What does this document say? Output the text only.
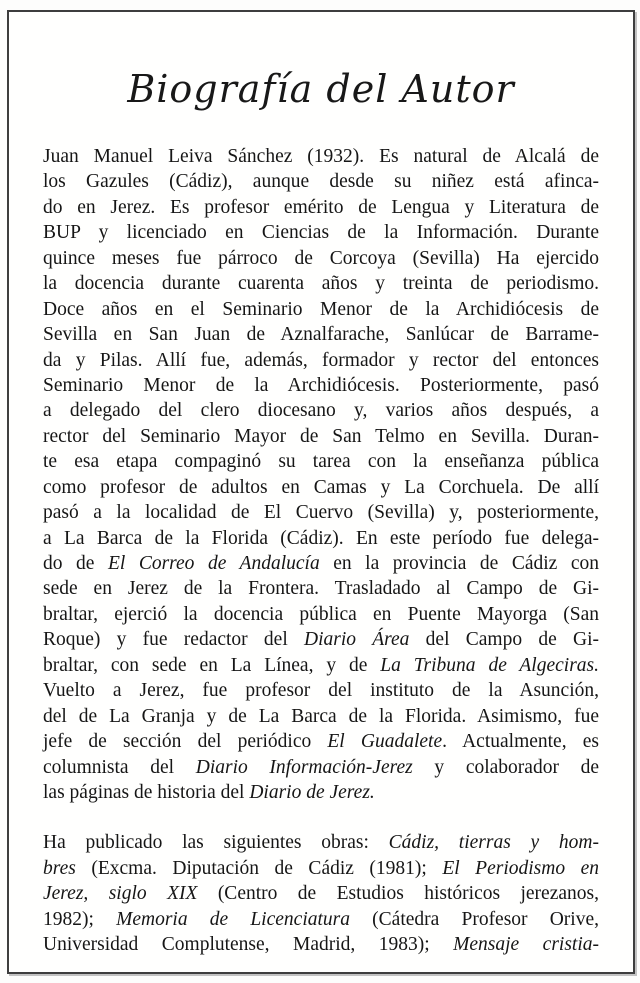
Biografía del Autor
Juan Manuel Leiva Sánchez (1932). Es natural de Alcalá de
los Gazules (Cádiz), aunque desde su niñez está afinca-
do en Jerez. Es profesor emérito de Lengua y Literatura de
BUP y licenciado en Ciencias de la Información. Durante
quince meses fue párroco de Corcoya (Sevilla) Ha ejercido
la docencia durante cuarenta años y treinta de periodismo.
Doce años en el Seminario Menor de la Archidiócesis de
Sevilla en San Juan de Aznalfarache, Sanlúcar de Barrame-
da y Pilas. Allí fue, además, formador y rector del entonces
Seminario Menor de la Archidiócesis. Posteriormente, pasó
a delegado del clero diocesano y, varios años después, a
rector del Seminario Mayor de San Telmo en Sevilla. Duran-
te esa etapa compaginó su tarea con la enseñanza pública
como profesor de adultos en Camas y La Corchuela. De allí
pasó a la localidad de El Cuervo (Sevilla) y, posteriormente,
a La Barca de la Florida (Cádiz). En este período fue delega-
do de El Correo de Andalucía en la provincia de Cádiz con
sede en Jerez de la Frontera. Trasladado al Campo de Gi-
braltar, ejerció la docencia pública en Puente Mayorga (San
Roque) y fue redactor del Diario Área del Campo de Gi-
braltar, con sede en La Línea, y de La Tribuna de Algeciras.
Vuelto a Jerez, fue profesor del instituto de la Asunción,
del de La Granja y de La Barca de la Florida. Asimismo, fue
jefe de sección del periódico El Guadalete. Actualmente, es
columnista del Diario Información-Jerez y colaborador de
las páginas de historia del Diario de Jerez.
Ha publicado las siguientes obras: Cádiz, tierras y hom-
bres (Excma. Diputación de Cádiz (1981); El Periodismo en
Jerez, siglo XIX (Centro de Estudios históricos jerezanos,
1982); Memoria de Licenciatura (Cátedra Profesor Orive,
Universidad Complutense, Madrid, 1983); Mensaje cristia-
